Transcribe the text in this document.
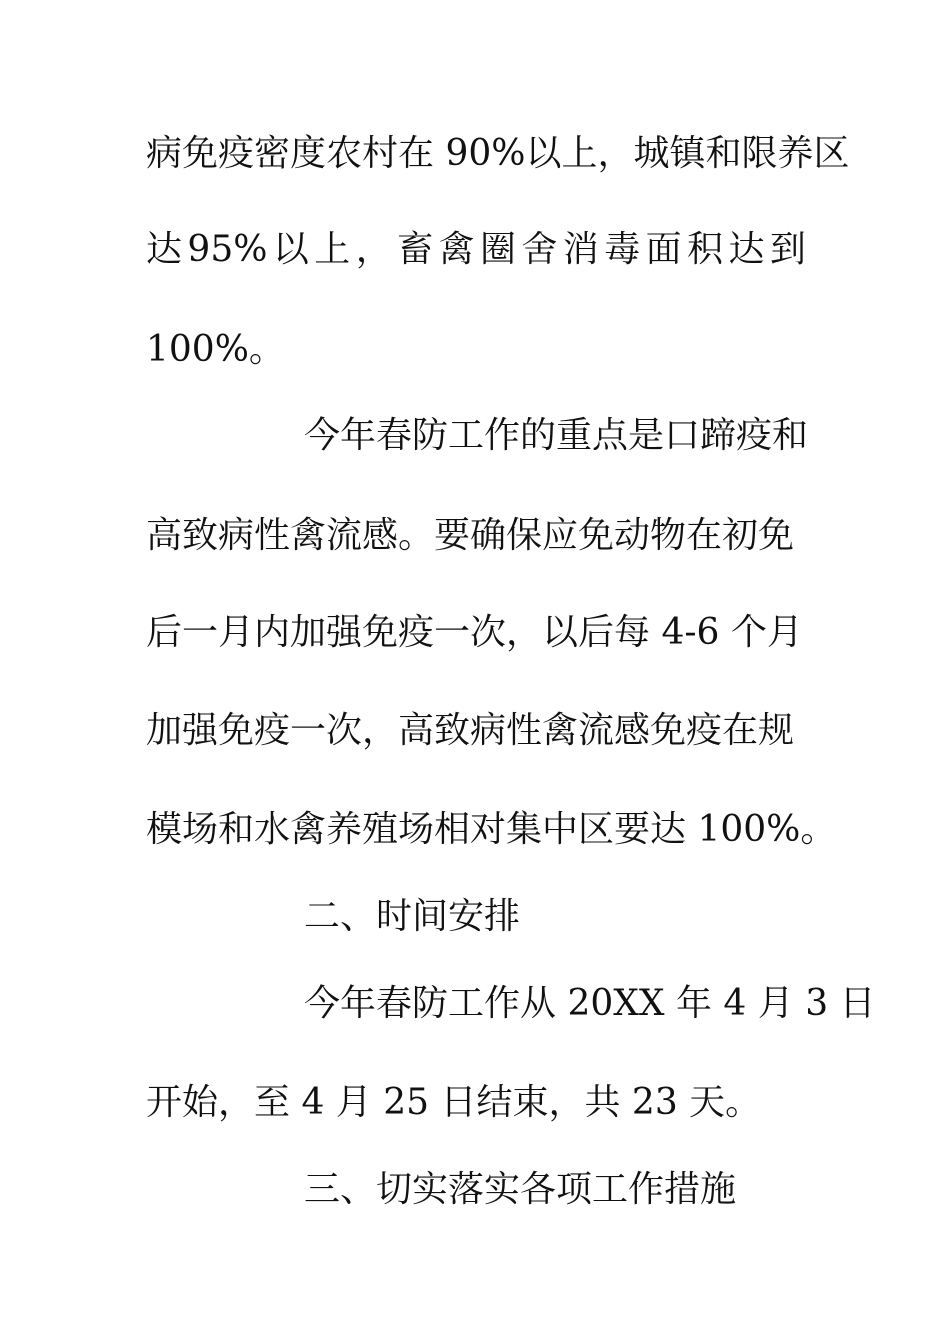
病免疫密度农村在 90%以上，城镇和限养区
达 95% 以 上 ， 畜 禽 圈 舍 消 毒 面 积 达 到
100%。
今年春防工作的重点是口蹄疫和
高致病性禽流感。要确保应免动物在初免
后一月内加强免疫一次，以后每 4-6 个月
加强免疫一次，高致病性禽流感免疫在规
模场和水禽养殖场相对集中区要达 100%。
二、时间安排
今年春防工作从 20XX 年 4 月 3 日
开始，至 4 月 25 日结束，共 23 天。
三、切实落实各项工作措施
